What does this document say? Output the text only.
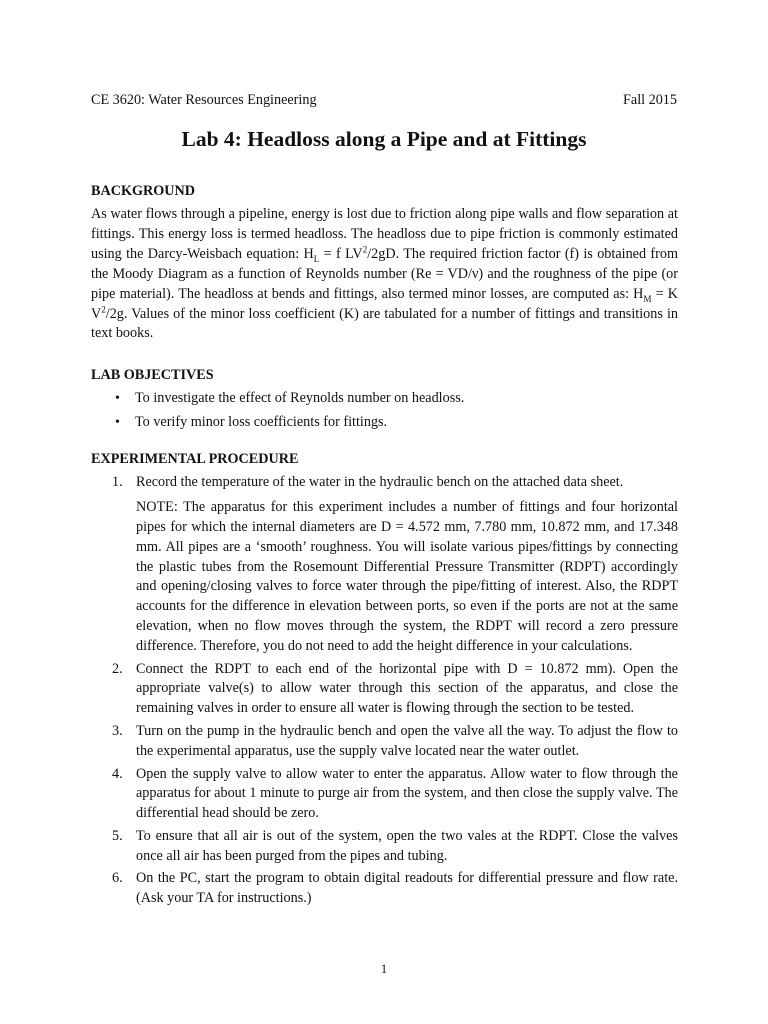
CE 3620: Water Resources Engineering	Fall 2015
Lab 4: Headloss along a Pipe and at Fittings
BACKGROUND

As water flows through a pipeline, energy is lost due to friction along pipe walls and flow separation at fittings. This energy loss is termed headloss. The headloss due to pipe friction is commonly estimated using the Darcy-Weisbach equation: $H_L = f$ $LV^2/2gD$. The required friction factor (f) is obtained from the Moody Diagram as a function of Reynolds number (Re = VD/ν) and the roughness of the pipe (or pipe material). The headloss at bends and fittings, also termed minor losses, are computed as: $H_M = K$ $V^2/2g$. Values of the minor loss coefficient (K) are tabulated for a number of fittings and transitions in text books.

LAB OBJECTIVES
• To investigate the effect of Reynolds number on headloss.
• To verify minor loss coefficients for fittings.
EXPERIMENTAL PROCEDURE
1. Record the temperature of the water in the hydraulic bench on the attached data sheet.
NOTE: The apparatus for this experiment includes a number of fittings and four horizontal pipes for which the internal diameters are D = 4.572 mm, 7.780 mm, 10.872 mm, and 17.348 mm. All pipes are a ‘smooth’ roughness. You will isolate various pipes/fittings by connecting the plastic tubes from the Rosemount Differential Pressure Transmitter (RDPT) accordingly and opening/closing valves to force water through the pipe/fitting of interest. Also, the RDPT accounts for the difference in elevation between ports, so even if the ports are not at the same elevation, when no flow moves through the system, the RDPT will record a zero pressure difference. Therefore, you do not need to add the height difference in your calculations.
2. Connect the RDPT to each end of the horizontal pipe with D = 10.872 mm). Open the appropriate valve(s) to allow water through this section of the apparatus, and close the remaining valves in order to ensure all water is flowing through the section to be tested.
3. Turn on the pump in the hydraulic bench and open the valve all the way. To adjust the flow to the experimental apparatus, use the supply valve located near the water outlet.
4. Open the supply valve to allow water to enter the apparatus. Allow water to flow through the apparatus for about 1 minute to purge air from the system, and then close the supply valve. The differential head should be zero.
5. To ensure that all air is out of the system, open the two vales at the RDPT. Close the valves once all air has been purged from the pipes and tubing.
6. On the PC, start the program to obtain digital readouts for differential pressure and flow rate. (Ask your TA for instructions.)
1
